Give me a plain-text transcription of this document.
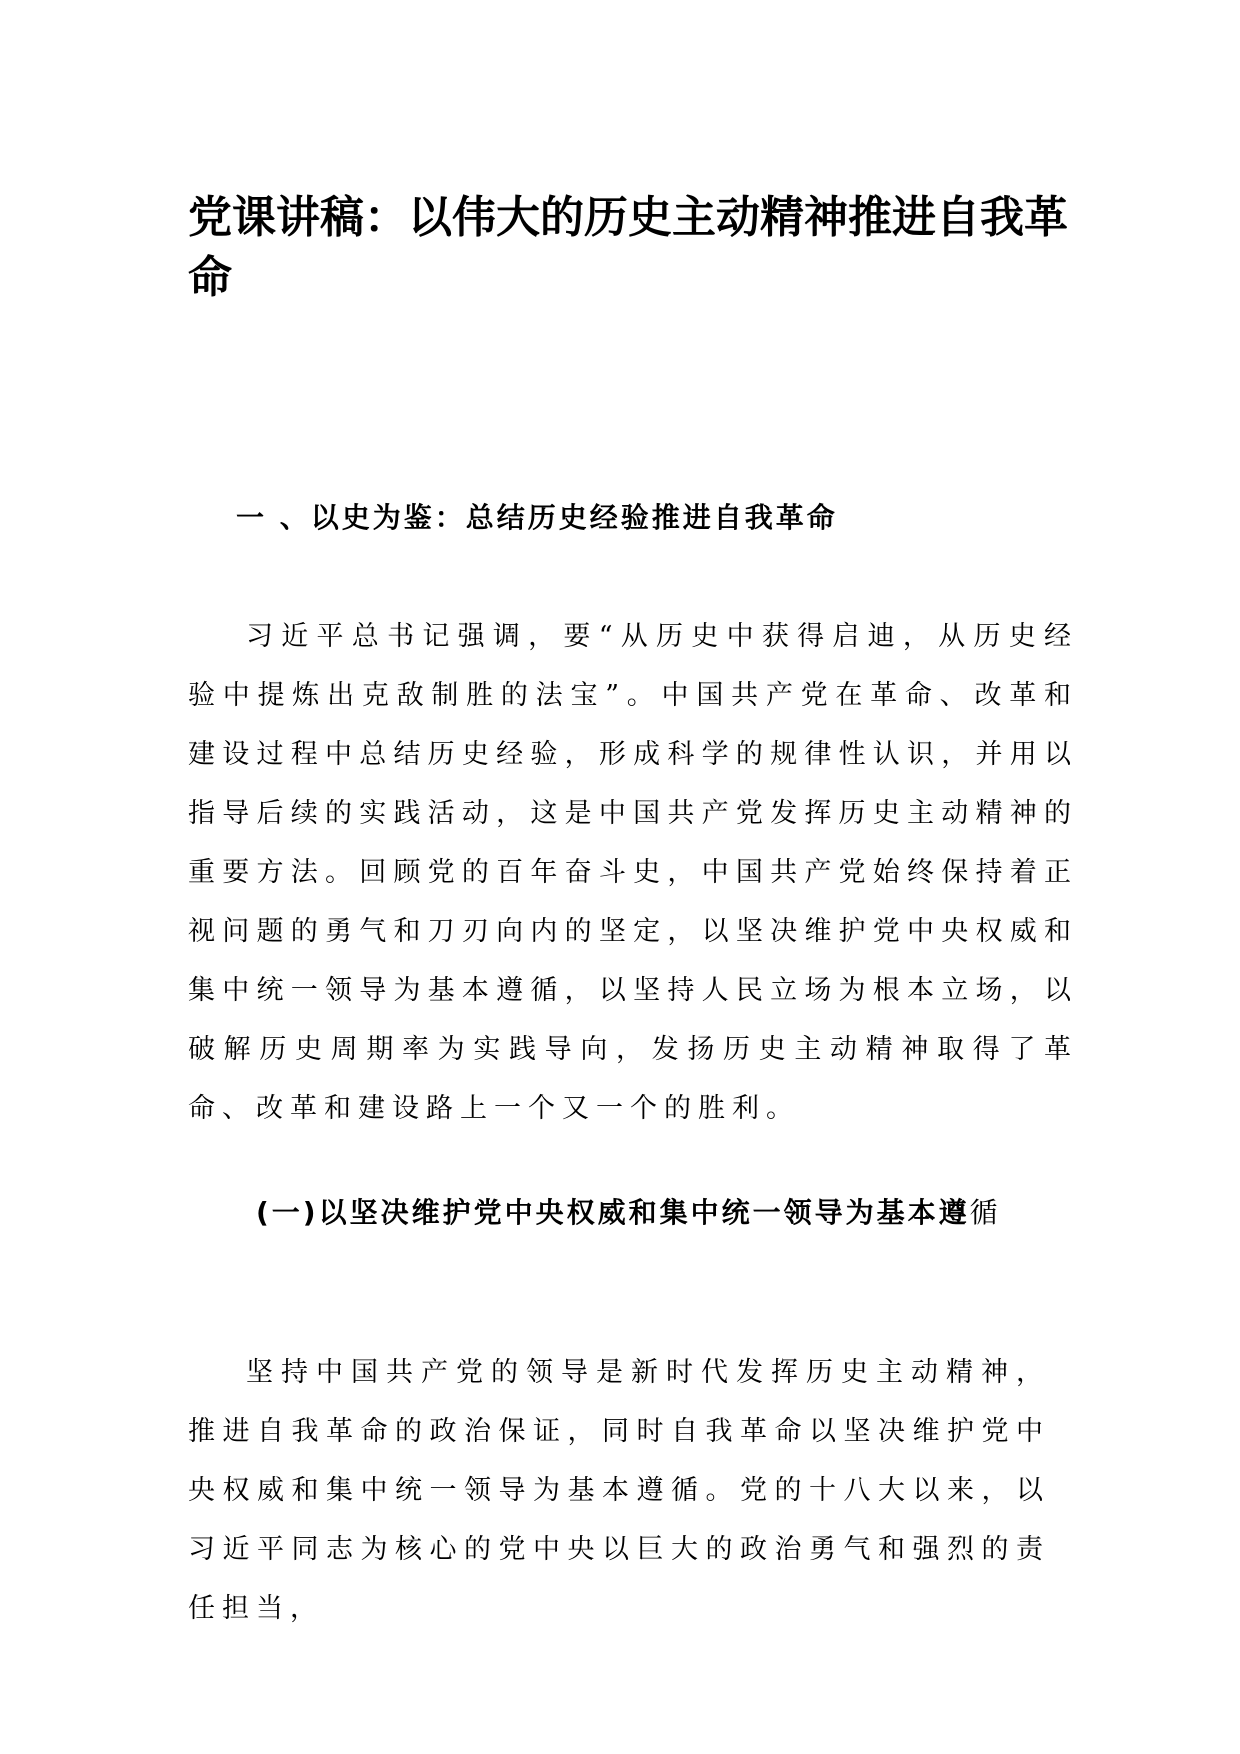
党课讲稿：以伟大的历史主动精神推进自我革命
一 、以史为鉴：总结历史经验推进自我革命

习近平总书记强调，要“从历史中获得启迪，从历史经验中提炼出克敌制胜的法宝”。中国共产党在革命、改革和建设过程中总结历史经验，形成科学的规律性认识，并用以指导后续的实践活动，这是中国共产党发挥历史主动精神的重要方法。回顾党的百年奋斗史，中国共产党始终保持着正视问题的勇气和刀刃向内的坚定，以坚决维护党中央权威和集中统一领导为基本遵循，以坚持人民立场为根本立场，以破解历史周期率为实践导向，发扬历史主动精神取得了革命、改革和建设路上一个又一个的胜利。

(一)以坚决维护党中央权威和集中统一领导为基本遵循

坚持中国共产党的领导是新时代发挥历史主动精神，推进自我革命的政治保证，同时自我革命以坚决维护党中央权威和集中统一领导为基本遵循。党的十八大以来，以习近平同志为核心的党中央以巨大的政治勇气和强烈的责任担当，
